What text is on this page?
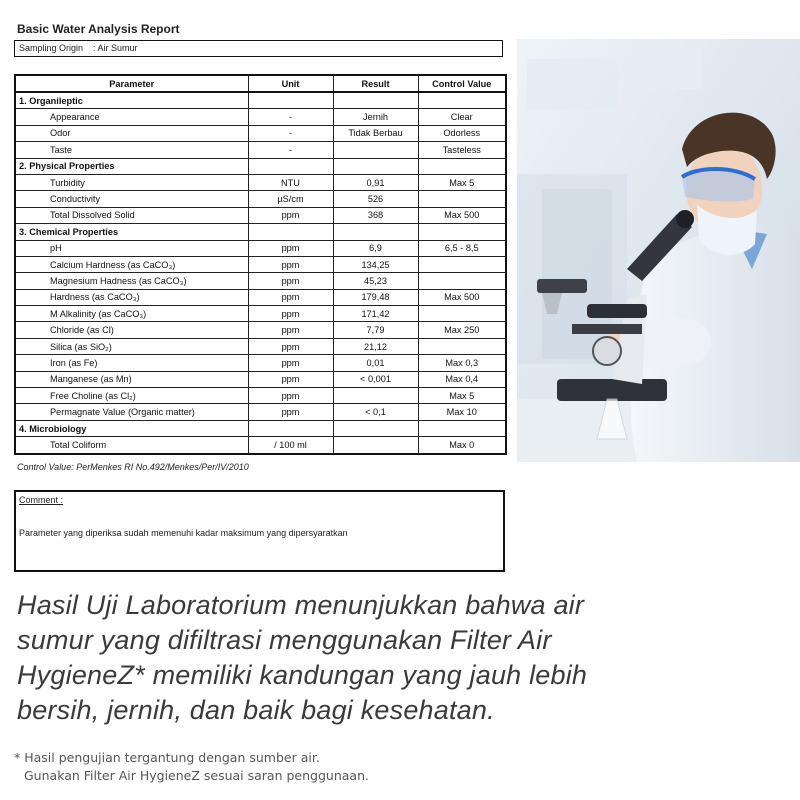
Basic Water Analysis Report
Sampling Origin : Air Sumur
Parameter	Unit	Result	Control Value
1. Organileptic			
Appearance	-	Jernih	Clear
Odor	-	Tidak Berbau	Odorless
Taste	-		Tasteless
2. Physical Properties			
Turbidity	NTU	0,91	Max 5
Conductivity	µS/cm	526	
Total Dissolved Solid	ppm	368	Max 500
3. Chemical Properties			
pH	ppm	6,9	6,5 - 8,5
Calcium Hardness (as CaCO₃)	ppm	134,25	
Magnesium Hadness (as CaCO₃)	ppm	45,23	
Hardness (as CaCO₃)	ppm	179,48	Max 500
M Alkalinity (as CaCO₃)	ppm	171,42	
Chloride (as Cl)	ppm	7,79	Max 250
Silica (as SiO₂)	ppm	21,12	
Iron (as Fe)	ppm	0,01	Max 0,3
Manganese (as Mn)	ppm	< 0,001	Max 0,4
Free Choline (as Cl₂)	ppm		Max 5
Permagnate Value (Organic matter)	ppm	< 0,1	Max 10
4. Microbiology			
Total Coliform	/ 100 ml		Max 0
Control Value: PerMenkes RI No.492/Menkes/Per/IV/2010
Comment :
Parameter yang diperiksa sudah memenuhi kadar maksimum yang dipersyaratkan
Hasil Uji Laboratorium menunjukkan bahwa air
sumur yang difiltrasi menggunakan Filter Air
HygieneZ* memiliki kandungan yang jauh lebih
bersih, jernih, dan baik bagi kesehatan.
* Hasil pengujian tergantung dengan sumber air.
Gunakan Filter Air HygieneZ sesuai saran penggunaan.
